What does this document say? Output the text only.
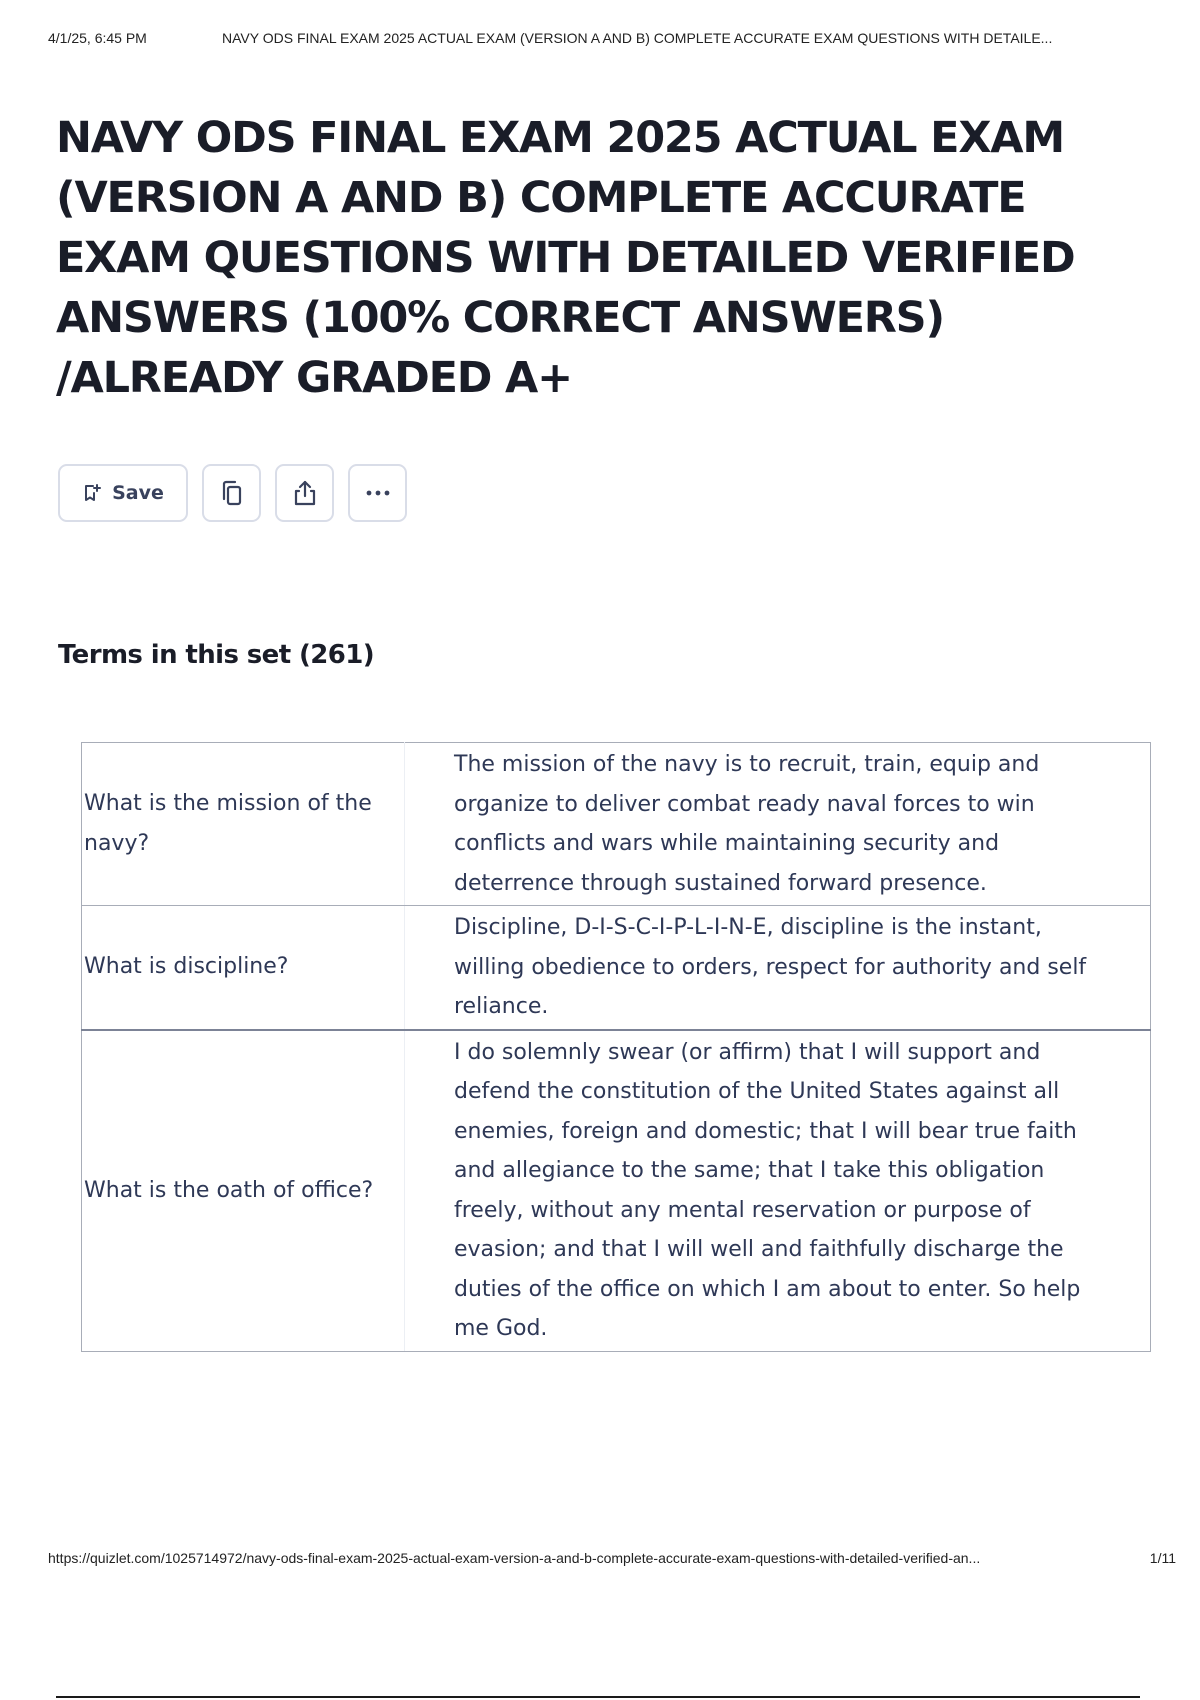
4/1/25, 6:45 PM	NAVY ODS FINAL EXAM 2025 ACTUAL EXAM (VERSION A AND B) COMPLETE ACCURATE EXAM QUESTIONS WITH DETAILE...
NAVY ODS FINAL EXAM 2025 ACTUAL EXAM (VERSION A AND B) COMPLETE ACCURATE EXAM QUESTIONS WITH DETAILED VERIFIED ANSWERS (100% CORRECT ANSWERS) /ALREADY GRADED A+
Save
Terms in this set (261)
What is the mission of the navy?	The mission of the navy is to recruit, train, equip and organize to deliver combat ready naval forces to win conflicts and wars while maintaining security and deterrence through sustained forward presence.
What is discipline?	Discipline, D-I-S-C-I-P-L-I-N-E, discipline is the instant, willing obedience to orders, respect for authority and self reliance.
What is the oath of office?	I do solemnly swear (or affirm) that I will support and defend the constitution of the United States against all enemies, foreign and domestic; that I will bear true faith and allegiance to the same; that I take this obligation freely, without any mental reservation or purpose of evasion; and that I will well and faithfully discharge the duties of the office on which I am about to enter. So help me God.
https://quizlet.com/1025714972/navy-ods-final-exam-2025-actual-exam-version-a-and-b-complete-accurate-exam-questions-with-detailed-verified-an...	1/11
